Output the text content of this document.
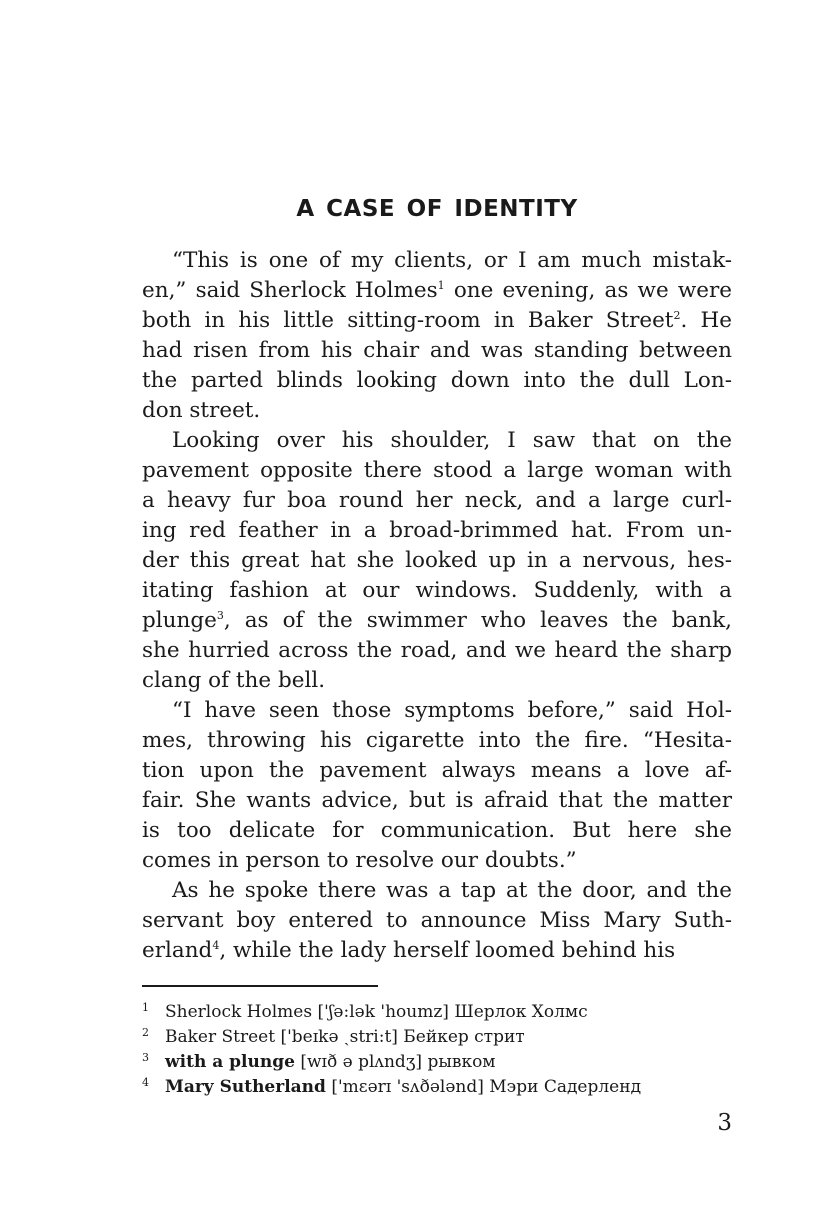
A CASE OF IDENTITY
“This is one of my clients, or I am much mistak-
en,” said Sherlock Holmes$^1$ one evening, as we were
both in his little sitting-room in Baker Street$^2$. He
had risen from his chair and was standing between
the parted blinds looking down into the dull Lon-
don street.
Looking over his shoulder, I saw that on the
pavement opposite there stood a large woman with
a heavy fur boa round her neck, and a large curl-
ing red feather in a broad-brimmed hat. From un-
der this great hat she looked up in a nervous, hes-
itating fashion at our windows. Suddenly, with a
plunge$^3$, as of the swimmer who leaves the bank,
she hurried across the road, and we heard the sharp
clang of the bell.
“I have seen those symptoms before,” said Hol-
mes, throwing his cigarette into the fire. “Hesita-
tion upon the pavement always means a love af-
fair. She wants advice, but is afraid that the matter
is too delicate for communication. But here she
comes in person to resolve our doubts.”
As he spoke there was a tap at the door, and the
servant boy entered to announce Miss Mary Suth-
erland$^4$, while the lady herself loomed behind his
1 Sherlock Holmes ['ʃə:lək 'houmz] Шерлок Холмс
2 Baker Street ['beɪkə ˏstri:t] Бейкер стрит
3 with a plunge [wɪð ə plʌndʒ] рывком
4 Mary Sutherland ['mɛərɪ 'sʌðələnd] Мэри Садерленд
3
